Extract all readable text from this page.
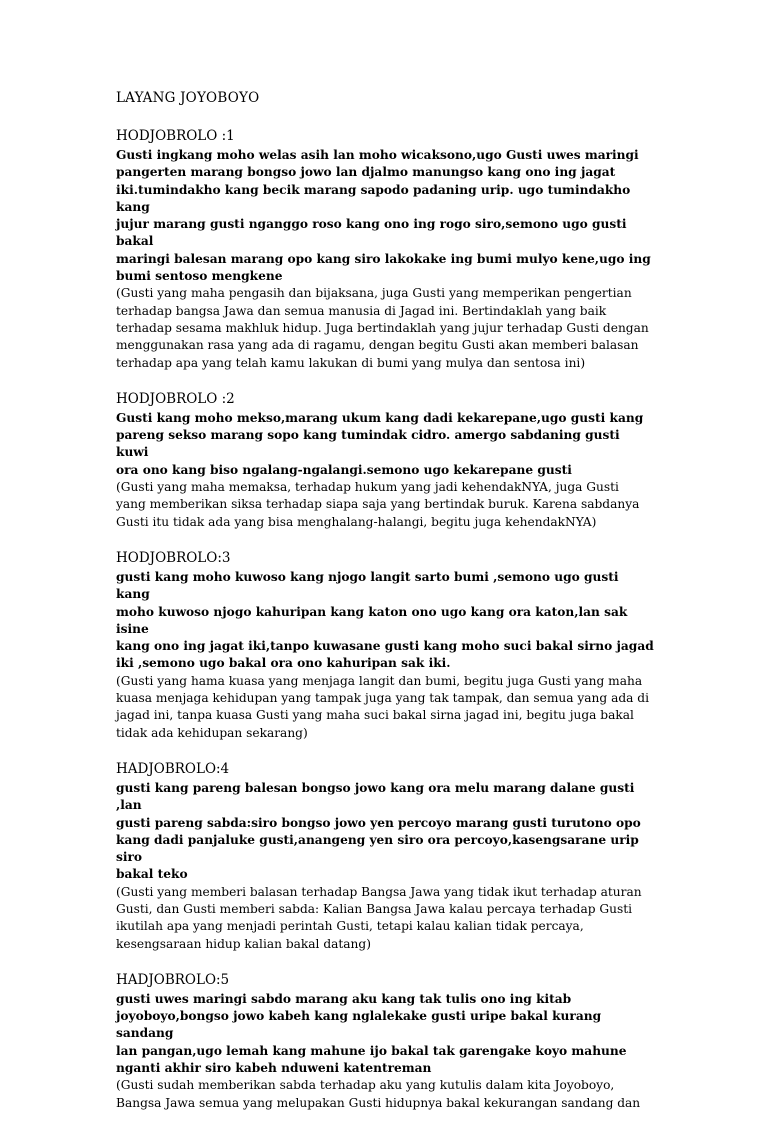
LAYANG JOYOBOYO
HODJOBROLO :1

Gusti ingkang moho welas asih lan moho wicaksono,ugo Gusti uwes maringi
pangerten marang bongso jowo lan djalmo manungso kang ono ing jagat
iki.tumindakho kang becik marang sapodo padaning urip. ugo tumindakho kang
jujur marang gusti nganggo roso kang ono ing rogo siro,semono ugo gusti bakal
maringi balesan marang opo kang siro lakokake ing bumi mulyo kene,ugo ing
bumi sentoso mengkene

(Gusti yang maha pengasih dan bijaksana, juga Gusti yang memperikan pengertian
terhadap bangsa Jawa dan semua manusia di Jagad ini. Bertindaklah yang baik
terhadap sesama makhluk hidup. Juga bertindaklah yang jujur terhadap Gusti dengan
menggunakan rasa yang ada di ragamu, dengan begitu Gusti akan memberi balasan
terhadap apa yang telah kamu lakukan di bumi yang mulya dan sentosa ini)

HODJOBROLO :2

Gusti kang moho mekso,marang ukum kang dadi kekarepane,ugo gusti kang
pareng sekso marang sopo kang tumindak cidro. amergo sabdaning gusti kuwi
ora ono kang biso ngalang-ngalangi.semono ugo kekarepane gusti

(Gusti yang maha memaksa, terhadap hukum yang jadi kehendakNYA, juga Gusti
yang memberikan siksa terhadap siapa saja yang bertindak buruk. Karena sabdanya
Gusti itu tidak ada yang bisa menghalang-halangi, begitu juga kehendakNYA)

HODJOBROLO:3

gusti kang moho kuwoso kang njogo langit sarto bumi ,semono ugo gusti kang
moho kuwoso njogo kahuripan kang katon ono ugo kang ora katon,lan sak isine
kang ono ing jagat iki,tanpo kuwasane gusti kang moho suci bakal sirno jagad
iki ,semono ugo bakal ora ono kahuripan sak iki.

(Gusti yang hama kuasa yang menjaga langit dan bumi, begitu juga Gusti yang maha
kuasa menjaga kehidupan yang tampak juga yang tak tampak, dan semua yang ada di
jagad ini, tanpa kuasa Gusti yang maha suci bakal sirna jagad ini, begitu juga bakal
tidak ada kehidupan sekarang)

HADJOBROLO:4

gusti kang pareng balesan bongso jowo kang ora melu marang dalane gusti ,lan
gusti pareng sabda:siro bongso jowo yen percoyo marang gusti turutono opo
kang dadi panjaluke gusti,anangeng yen siro ora percoyo,kasengsarane urip siro
bakal teko

(Gusti yang memberi balasan terhadap Bangsa Jawa yang tidak ikut terhadap aturan
Gusti, dan Gusti memberi sabda: Kalian Bangsa Jawa kalau percaya terhadap Gusti
ikutilah apa yang menjadi perintah Gusti, tetapi kalau kalian tidak percaya,
kesengsaraan hidup kalian bakal datang)

HADJOBROLO:5

gusti uwes maringi sabdo marang aku kang tak tulis ono ing kitab
joyoboyo,bongso jowo kabeh kang nglalekake gusti uripe bakal kurang sandang
lan pangan,ugo lemah kang mahune ijo bakal tak garengake koyo mahune
nganti akhir siro kabeh nduweni katentreman

(Gusti sudah memberikan sabda terhadap aku yang kutulis dalam kita Joyoboyo,
Bangsa Jawa semua yang melupakan Gusti hidupnya bakal kekurangan sandang dan
